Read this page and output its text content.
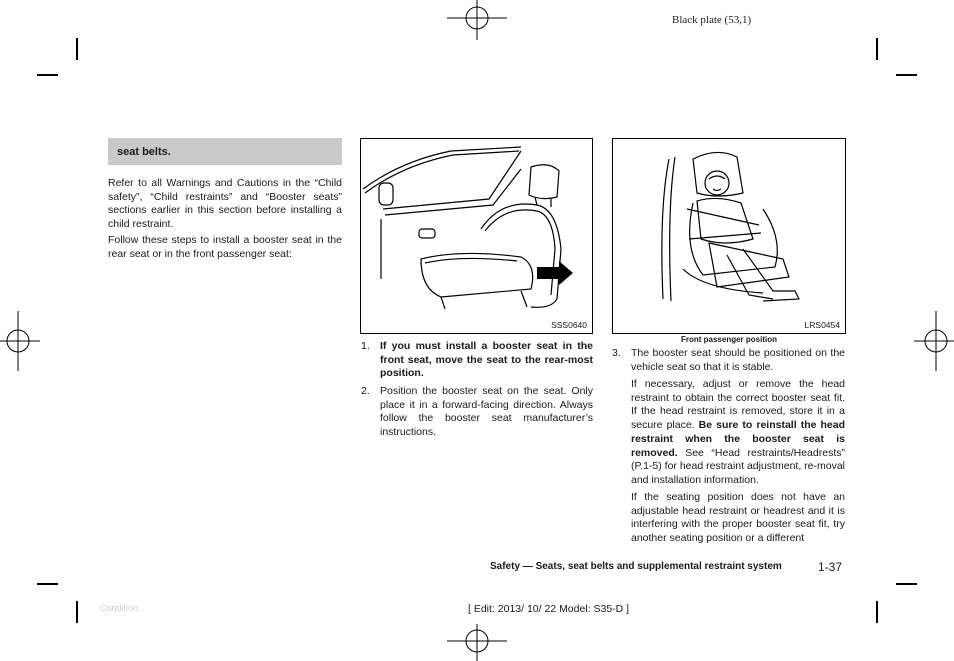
Black plate (53,1)
seat belts.
Refer to all Warnings and Cautions in the “Child safety”, “Child restraints” and “Booster seats” sections earlier in this section before installing a child restraint.
Follow these steps to install a booster seat in the rear seat or in the front passenger seat:
SSS0640	LRS0454
Front passenger position
1. If you must install a booster seat in the front seat, move the seat to the rear-most position.
2. Position the booster seat on the seat. Only place it in a forward-facing direction. Always follow the booster seat manufacturer’s instructions.
3. The booster seat should be positioned on the vehicle seat so that it is stable.
If necessary, adjust or remove the head restraint to obtain the correct booster seat fit. If the head restraint is removed, store it in a secure place. Be sure to reinstall the head restraint when the booster seat is removed. See “Head restraints/Headrests” (P.1-5) for head restraint adjustment, re-moval and installation information.
If the seating position does not have an adjustable head restraint or headrest and it is interfering with the proper booster seat fit, try another seating position or a different
Safety — Seats, seat belts and supplemental restraint system	1-37
Condition:	[ Edit: 2013/ 10/ 22 Model: S35-D ]
